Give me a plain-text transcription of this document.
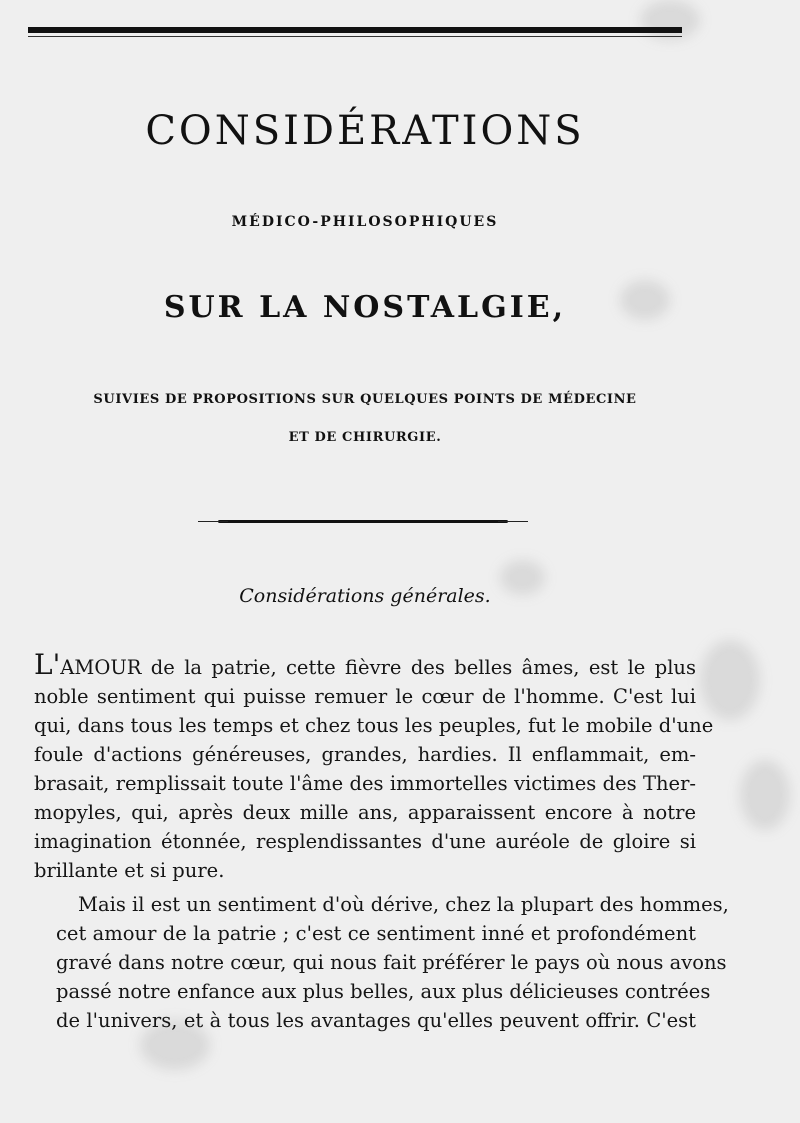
CONSIDÉRATIONS
MÉDICO-PHILOSOPHIQUES
SUR LA NOSTALGIE,
SUIVIES DE PROPOSITIONS SUR QUELQUES POINTS DE MÉDECINE
ET DE CHIRURGIE.
Considérations générales.
L'AMOUR de la patrie, cette fièvre des belles âmes, est le plus
noble sentiment qui puisse remuer le cœur de l'homme. C'est lui
qui, dans tous les temps et chez tous les peuples, fut le mobile d'une
foule d'actions généreuses, grandes, hardies. Il enflammait, em-
brasait, remplissait toute l'âme des immortelles victimes des Ther-
mopyles, qui, après deux mille ans, apparaissent encore à notre
imagination étonnée, resplendissantes d'une auréole de gloire si
brillante et si pure.
Mais il est un sentiment d'où dérive, chez la plupart des hommes,
cet amour de la patrie ; c'est ce sentiment inné et profondément
gravé dans notre cœur, qui nous fait préférer le pays où nous avons
passé notre enfance aux plus belles, aux plus délicieuses contrées
de l'univers, et à tous les avantages qu'elles peuvent offrir. C'est
